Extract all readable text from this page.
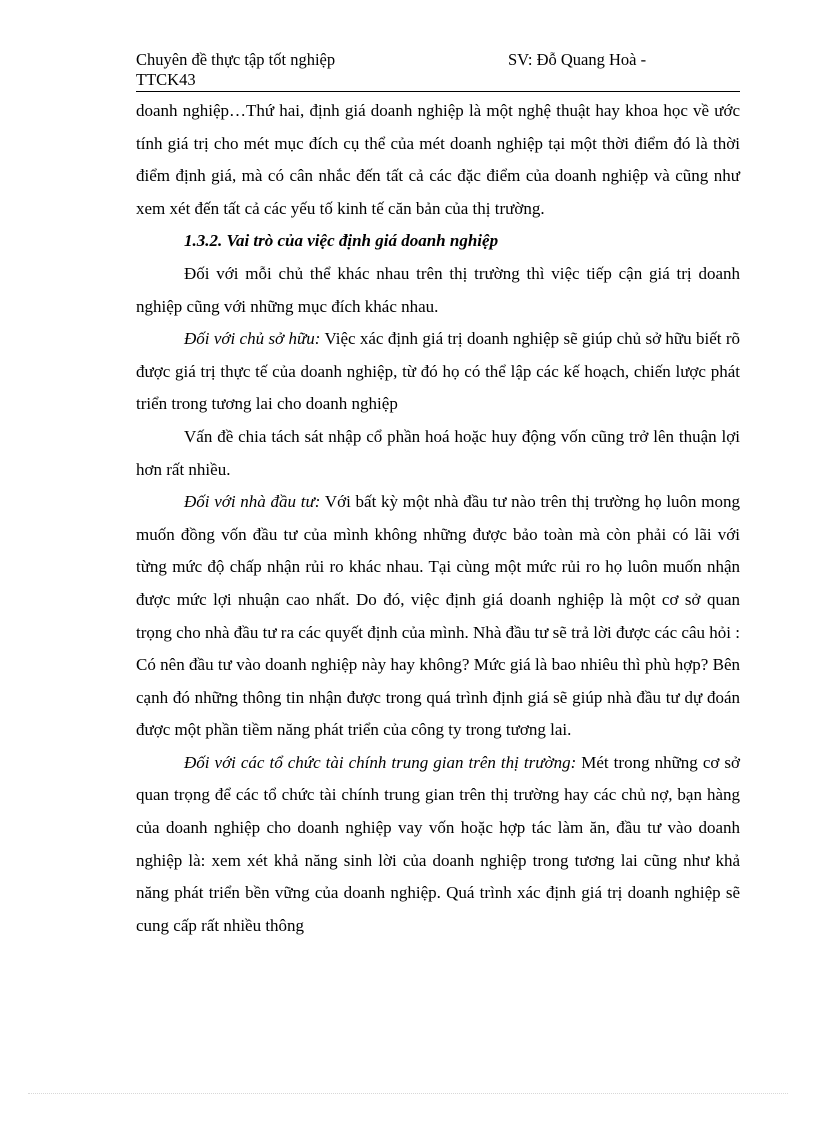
Chuyên đề thực tập tốt nghiệp	SV: Đỗ Quang Hoà -
TTCK43

doanh nghiệp…Thứ hai, định giá doanh nghiệp là một nghệ thuật hay khoa học về ước tính giá trị cho mét mục đích cụ thể của mét doanh nghiệp tại một thời điểm đó là thời điểm định giá, mà có cân nhắc đến tất cả các đặc điểm của doanh nghiệp và cũng như xem xét đến tất cả các yếu tố kinh tế căn bản của thị trường.

1.3.2. Vai trò của việc định giá doanh nghiệp

Đối với mỗi chủ thể khác nhau trên thị trường thì việc tiếp cận giá trị doanh nghiệp cũng với những mục đích khác nhau.

Đối với chủ sở hữu: Việc xác định giá trị doanh nghiệp sẽ giúp chủ sở hữu biết rõ được giá trị thực tế của doanh nghiệp, từ đó họ có thể lập các kế hoạch, chiến lược phát triển trong tương lai cho doanh nghiệp

Vấn đề chia tách sát nhập cổ phần hoá hoặc huy động vốn cũng trở lên thuận lợi hơn rất nhiều.

Đối với nhà đầu tư: Với bất kỳ một nhà đầu tư nào trên thị trường họ luôn mong muốn đồng vốn đầu tư của mình không những được bảo toàn mà còn phải có lãi với từng mức độ chấp nhận rủi ro khác nhau. Tại cùng một mức rủi ro họ luôn muốn nhận được mức lợi nhuận cao nhất. Do đó, việc định giá doanh nghiệp là một cơ sở quan trọng cho nhà đầu tư ra các quyết định của mình. Nhà đầu tư sẽ trả lời được các câu hỏi : Có nên đầu tư vào doanh nghiệp này hay không? Mức giá là bao nhiêu thì phù hợp? Bên cạnh đó những thông tin nhận được trong quá trình định giá sẽ giúp nhà đầu tư dự đoán được một phần tiềm năng phát triển của công ty trong tương lai.

Đối với các tổ chức tài chính trung gian trên thị trường: Mét trong những cơ sở quan trọng để các tổ chức tài chính trung gian trên thị trường hay các chủ nợ, bạn hàng của doanh nghiệp cho doanh nghiệp vay vốn hoặc hợp tác làm ăn, đầu tư vào doanh nghiệp là: xem xét khả năng sinh lời của doanh nghiệp trong tương lai cũng như khả năng phát triển bền vững của doanh nghiệp. Quá trình xác định giá trị doanh nghiệp sẽ cung cấp rất nhiều thông
